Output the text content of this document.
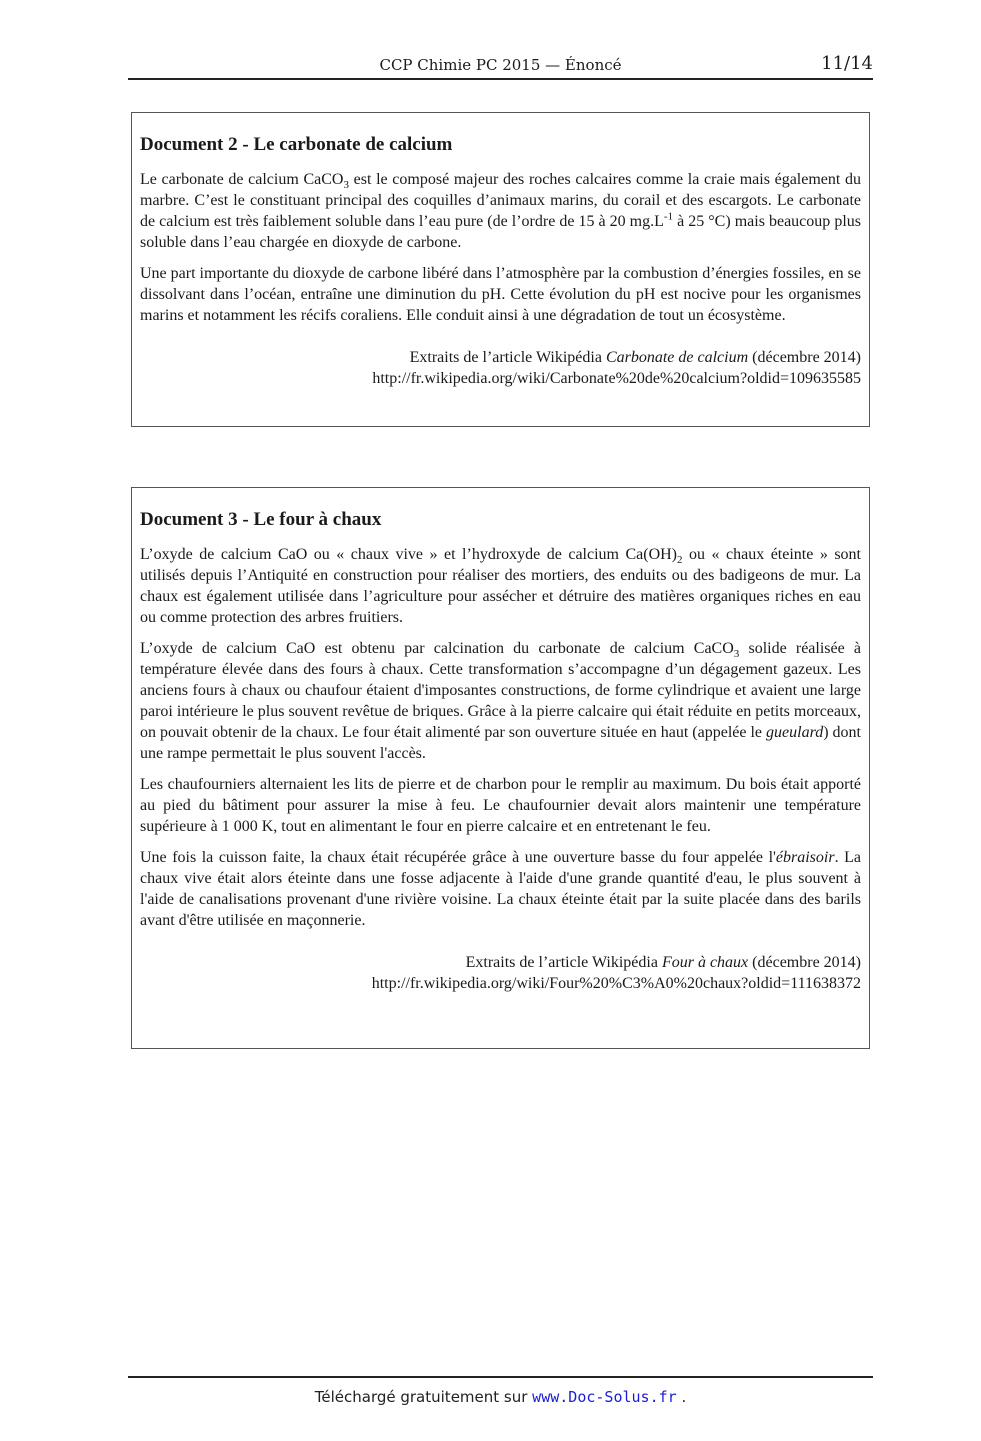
CCP Chimie PC 2015 — Énoncé	11/14
Document 2 - Le carbonate de calcium

Le carbonate de calcium CaCO$_3$ est le composé majeur des roches calcaires comme la craie mais également du marbre. C’est le constituant principal des coquilles d’animaux marins, du corail et des escargots. Le carbonate de calcium est très faiblement soluble dans l’eau pure (de l’ordre de 15 à 20 $mg.L^{-1}$ à 25 °C) mais beaucoup plus soluble dans l’eau chargée en dioxyde de carbone.

Une part importante du dioxyde de carbone libéré dans l’atmosphère par la combustion d’énergies fossiles, en se dissolvant dans l’océan, entraîne une diminution du pH. Cette évolution du pH est nocive pour les organismes marins et notamment les récifs coraliens. Elle conduit ainsi à une dégradation de tout un écosystème.

Extraits de l’article Wikipédia Carbonate de calcium (décembre 2014)
http://fr.wikipedia.org/wiki/Carbonate%20de%20calcium?oldid=109635585
Document 3 - Le four à chaux

L’oxyde de calcium CaO ou « chaux vive » et l’hydroxyde de calcium $Ca(OH)_2$ ou « chaux éteinte » sont utilisés depuis l’Antiquité en construction pour réaliser des mortiers, des enduits ou des badigeons de mur. La chaux est également utilisée dans l’agriculture pour assécher et détruire des matières organiques riches en eau ou comme protection des arbres fruitiers.

L’oxyde de calcium CaO est obtenu par calcination du carbonate de calcium CaCO$_3$ solide réalisée à température élevée dans des fours à chaux. Cette transformation s’accompagne d’un dégagement gazeux. Les anciens fours à chaux ou chaufour étaient d'imposantes constructions, de forme cylindrique et avaient une large paroi intérieure le plus souvent revêtue de briques. Grâce à la pierre calcaire qui était réduite en petits morceaux, on pouvait obtenir de la chaux. Le four était alimenté par son ouverture située en haut (appelée le gueulard) dont une rampe permettait le plus souvent l'accès.

Les chaufourniers alternaient les lits de pierre et de charbon pour le remplir au maximum. Du bois était apporté au pied du bâtiment pour assurer la mise à feu. Le chaufournier devait alors maintenir une température supérieure à 1 000 K, tout en alimentant le four en pierre calcaire et en entretenant le feu.

Une fois la cuisson faite, la chaux était récupérée grâce à une ouverture basse du four appelée l'ébraisoir. La chaux vive était alors éteinte dans une fosse adjacente à l'aide d'une grande quantité d'eau, le plus souvent à l'aide de canalisations provenant d'une rivière voisine. La chaux éteinte était par la suite placée dans des barils avant d'être utilisée en maçonnerie.

Extraits de l’article Wikipédia Four à chaux (décembre 2014)
http://fr.wikipedia.org/wiki/Four%20%C3%A0%20chaux?oldid=111638372
Téléchargé gratuitement sur www.Doc-Solus.fr .
